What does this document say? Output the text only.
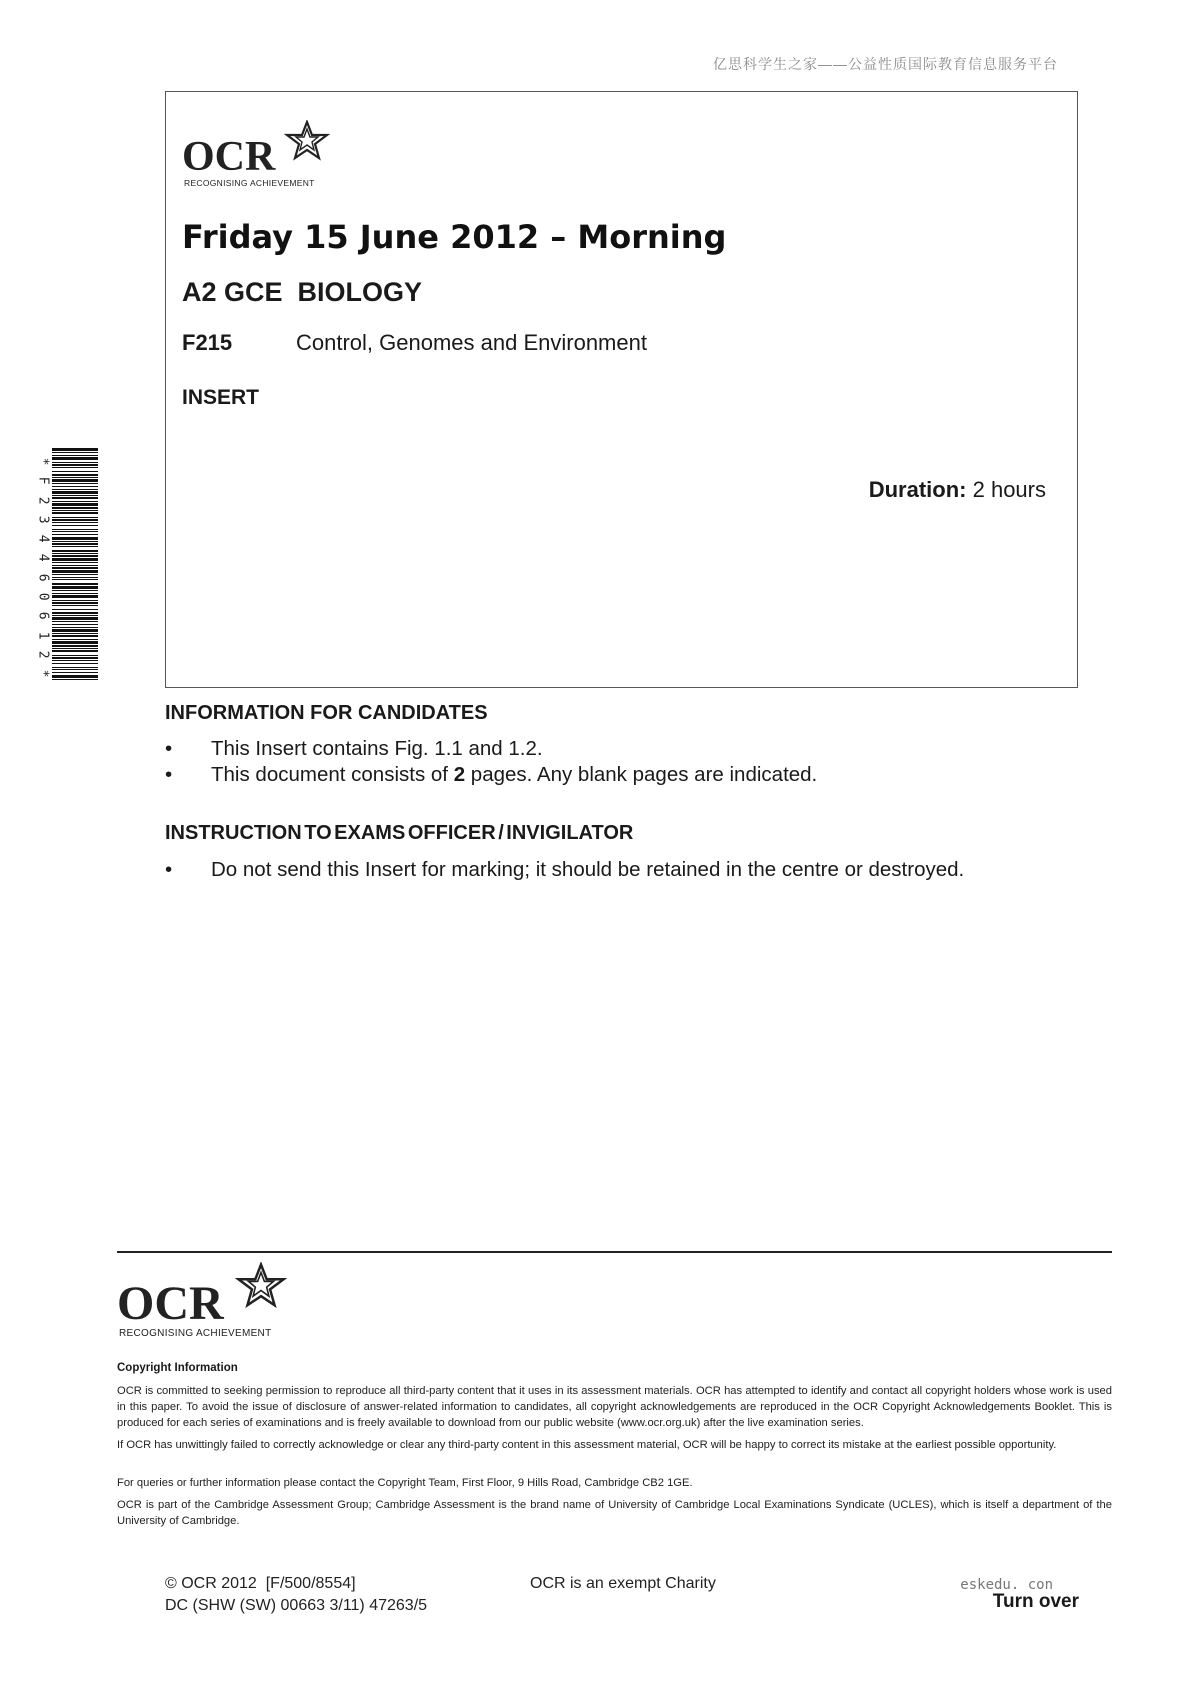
亿思科学生之家——公益性质国际教育信息服务平台
OCR
RECOGNISING ACHIEVEMENT
Friday 15 June 2012 – Morning
A2 GCE  BIOLOGY
F215	Control, Genomes and Environment
INSERT
Duration: 2 hours
*
F
2
3
4
4
6
0
6
1
2
*
INFORMATION FOR CANDIDATES
• This Insert contains Fig. 1.1 and 1.2.
• This document consists of 2 pages. Any blank pages are indicated.
INSTRUCTION TO EXAMS OFFICER / INVIGILATOR
• Do not send this Insert for marking; it should be retained in the centre or destroyed.
OCR
RECOGNISING ACHIEVEMENT
Copyright Information
OCR is committed to seeking permission to reproduce all third-party content that it uses in its assessment materials. OCR has attempted to identify and contact all copyright holders whose work is used in this paper. To avoid the issue of disclosure of answer-related information to candidates, all copyright acknowledgements are reproduced in the OCR Copyright Acknowledgements Booklet. This is produced for each series of examinations and is freely available to download from our public website (www.ocr.org.uk) after the live examination series.
If OCR has unwittingly failed to correctly acknowledge or clear any third-party content in this assessment material, OCR will be happy to correct its mistake at the earliest possible opportunity.
For queries or further information please contact the Copyright Team, First Floor, 9 Hills Road, Cambridge CB2 1GE.
OCR is part of the Cambridge Assessment Group; Cambridge Assessment is the brand name of University of Cambridge Local Examinations Syndicate (UCLES), which is itself a department of the University of Cambridge.
© OCR 2012  [F/500/8554]
DC (SHW (SW) 00663 3/11) 47263/5
OCR is an exempt Charity	eskedu. con
Turn over
